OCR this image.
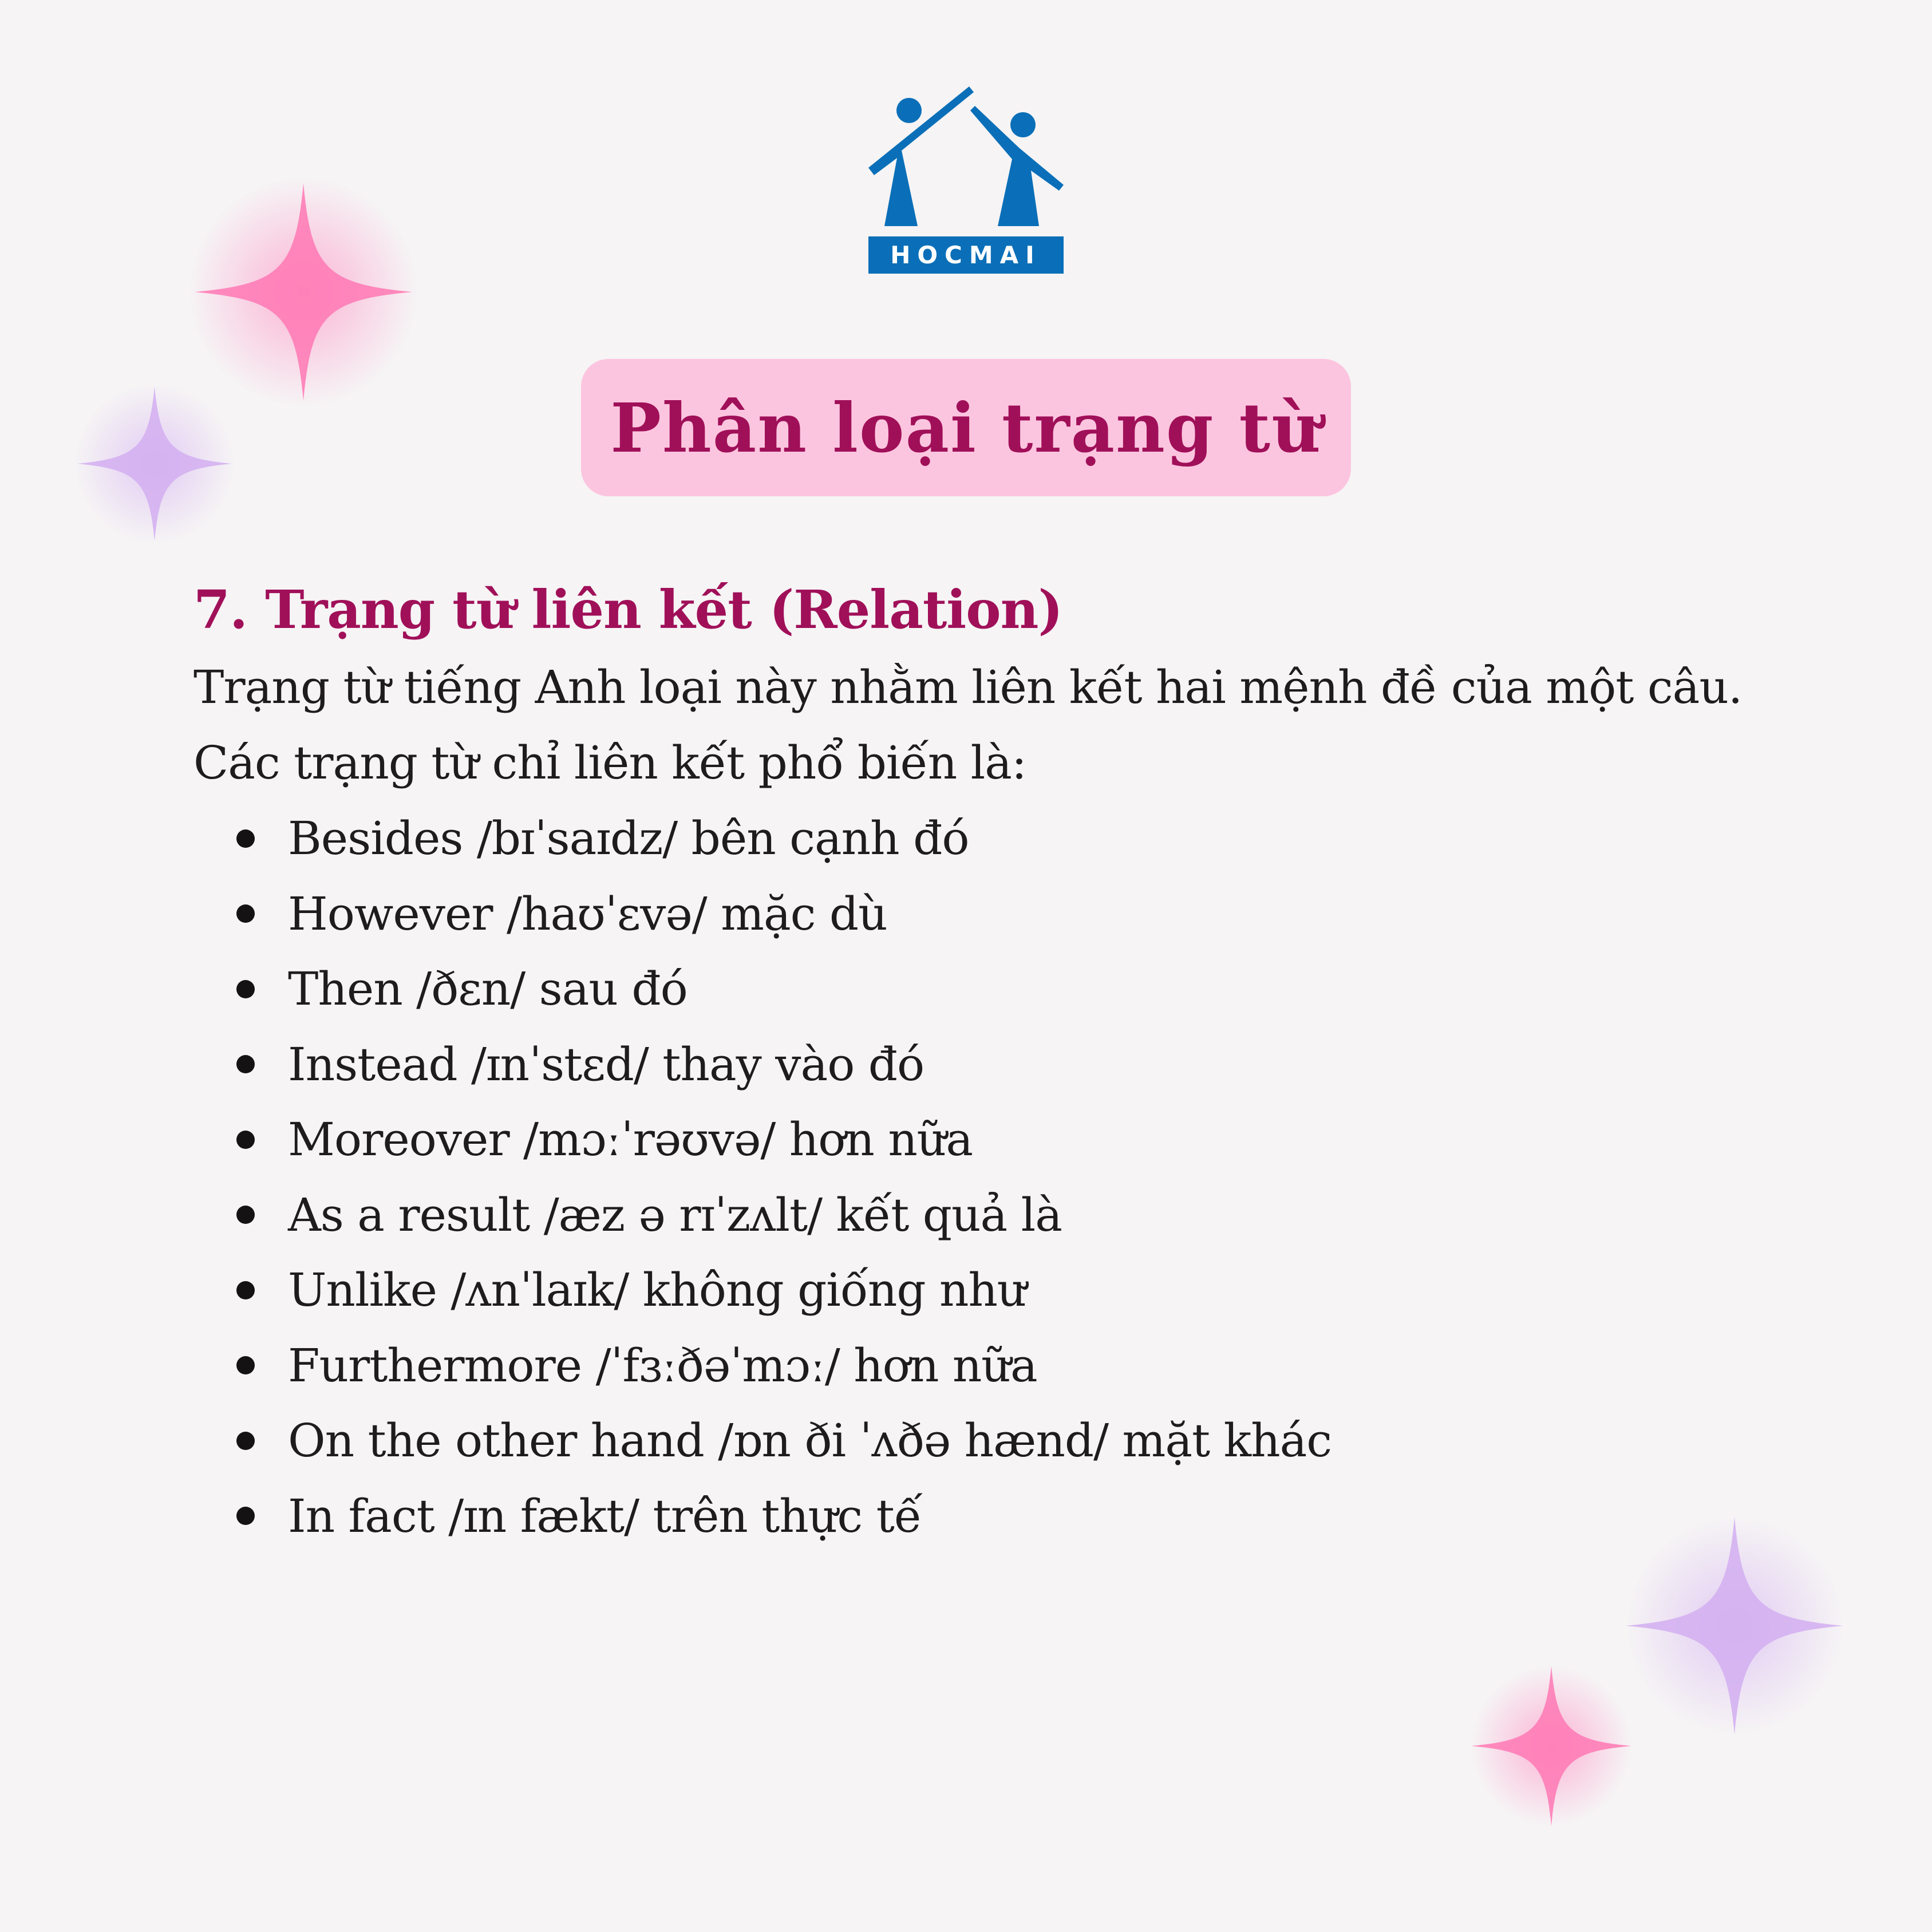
HOCMAI
Phân loại trạng từ
7. Trạng từ liên kết (Relation)
Trạng từ tiếng Anh loại này nhằm liên kết hai mệnh đề của một câu.
Các trạng từ chỉ liên kết phổ biến là:
Besides /bɪˈsaɪdz/ bên cạnh đó
However /haʊˈɛvə/ mặc dù
Then /ðɛn/ sau đó
Instead /ɪnˈstɛd/ thay vào đó
Moreover /mɔːˈrəʊvə/ hơn nữa
As a result /æz ə rɪˈzʌlt/ kết quả là
Unlike /ʌnˈlaɪk/ không giống như
Furthermore /ˈfɜːðəˈmɔː/ hơn nữa
On the other hand /ɒn ði ˈʌðə hænd/ mặt khác
In fact /ɪn fækt/ trên thực tế
